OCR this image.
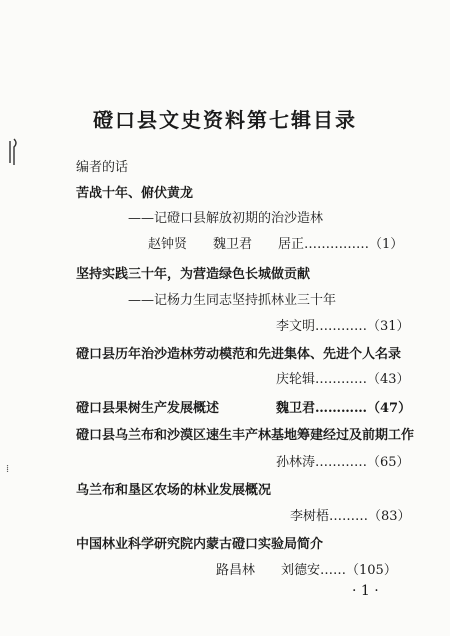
磴口县文史资料第七辑目录
编者的话
苦战十年、俯伏黄龙
——记磴口县解放初期的治沙造林
赵钟贤　　魏卫君　　居正……………（1）
坚持实践三十年，为营造绿色长城做贡献
——记杨力生同志坚持抓林业三十年
李文明…………（31）
磴口县历年治沙造林劳动模范和先进集体、先进个人名录
庆轮辑…………（43）
磴口县果树生产发展概述	魏卫君…………（47）
磴口县乌兰布和沙漠区速生丰产林基地筹建经过及前期工作
孙林涛…………（65）
⁞
乌兰布和垦区农场的林业发展概况
李树梧………（83）
中国林业科学研究院内蒙古磴口实验局简介
路昌林　　刘德安……（105）
· 1 ·
